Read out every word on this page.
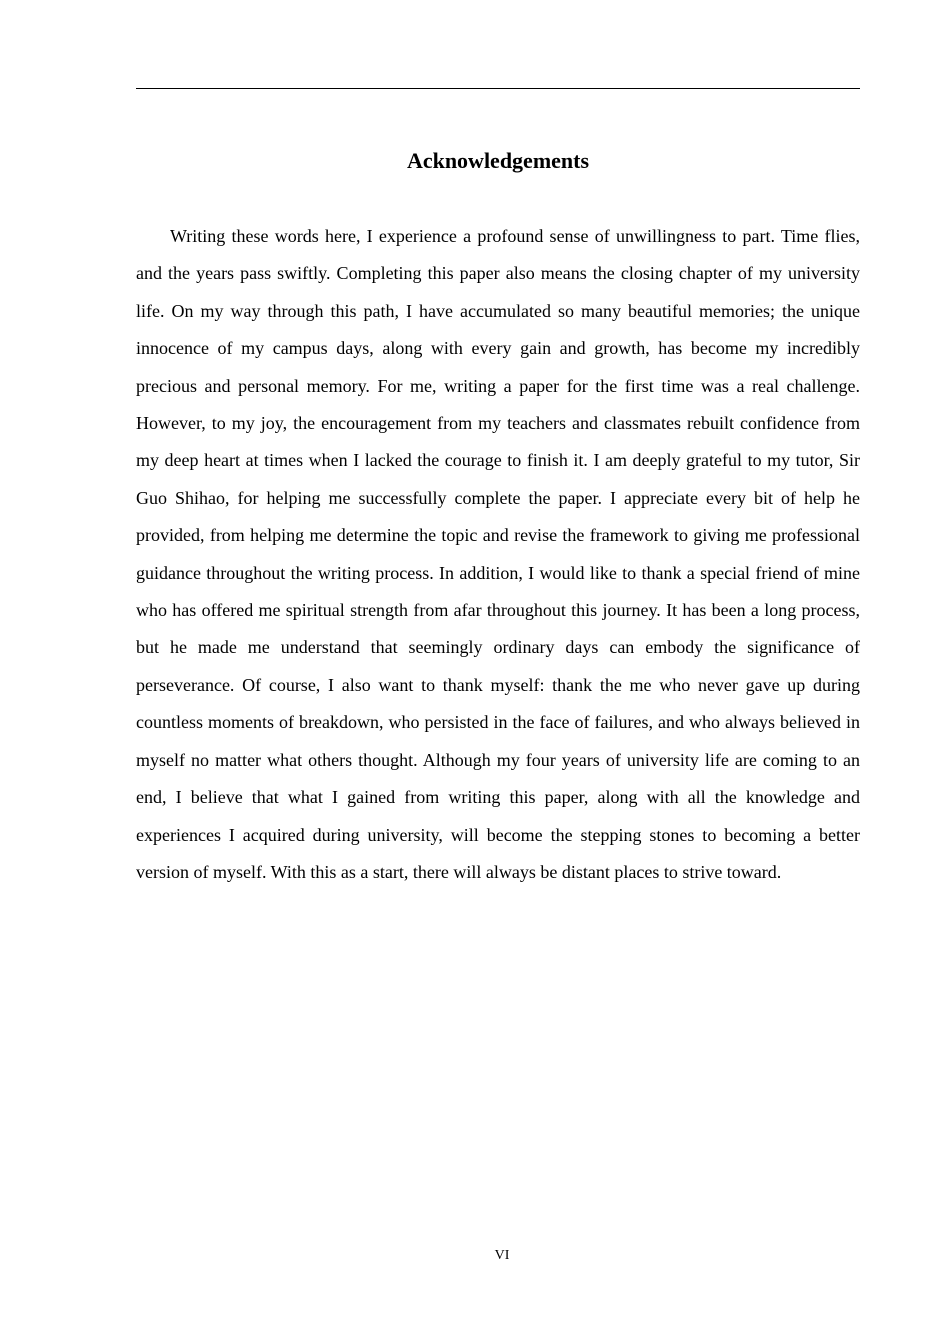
Acknowledgements

Writing these words here, I experience a profound sense of unwillingness to part. Time flies, and the years pass swiftly. Completing this paper also means the closing chapter of my university life. On my way through this path, I have accumulated so many beautiful memories; the unique innocence of my campus days, along with every gain and growth, has become my incredibly precious and personal memory. For me, writing a paper for the first time was a real challenge. However, to my joy, the encouragement from my teachers and classmates rebuilt confidence from my deep heart at times when I lacked the courage to finish it. I am deeply grateful to my tutor, Sir Guo Shihao, for helping me successfully complete the paper. I appreciate every bit of help he provided, from helping me determine the topic and revise the framework to giving me professional guidance throughout the writing process. In addition, I would like to thank a special friend of mine who has offered me spiritual strength from afar throughout this journey. It has been a long process, but he made me understand that seemingly ordinary days can embody the significance of perseverance. Of course, I also want to thank myself: thank the me who never gave up during countless moments of breakdown, who persisted in the face of failures, and who always believed in myself no matter what others thought. Although my four years of university life are coming to an end, I believe that what I gained from writing this paper, along with all the knowledge and experiences I acquired during university, will become the stepping stones to becoming a better version of myself. With this as a start, there will always be distant places to strive toward.

VI
